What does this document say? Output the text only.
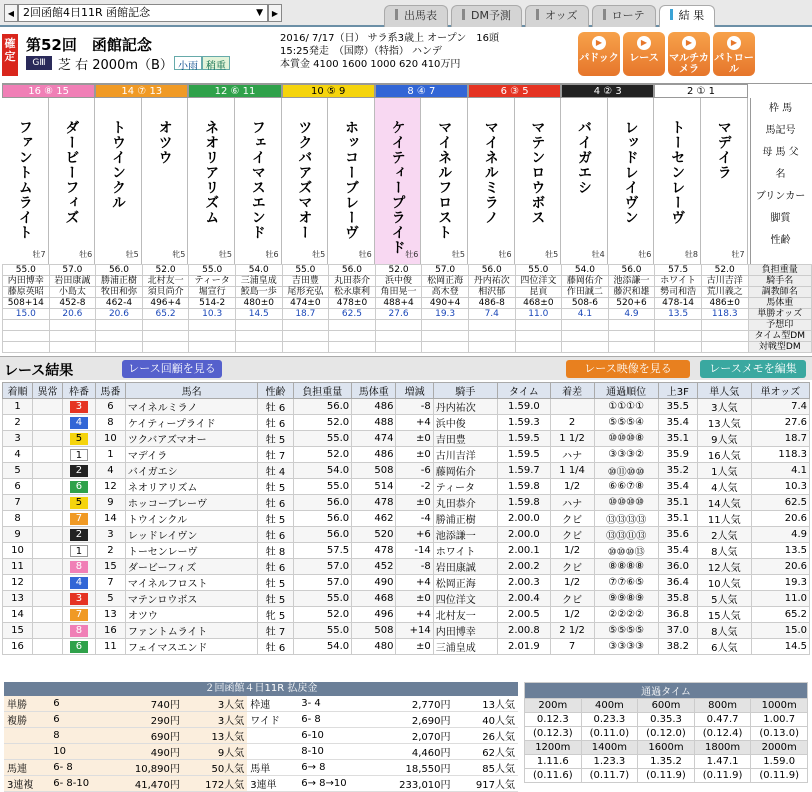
◀ 2回函館4日11R 函館記念	▼	▶	出馬表	DM予測	オッズ	ローテ	結 果
確定
第52回　函館記念
GⅢ 芝 右 2000m（B） 小雨 稍重
2016/ 7/17（日） サラ系3歳上 オープン　16頭
15:25発走　（国際）（特指） ハンデ
本賞金 4100 1600 1000 620 410万円
▶
パドック
▶
レース
▶
マルチカメラ
▶
パトロール
16 ⑧ 15	14 ⑦ 13	12 ⑥ 11	10 ⑤ 9	8 ④ 7	6 ③ 5	4 ② 3	2 ① 1
ファントムライト
牡7
ダービーフィズ
牡6
トウインクル
牡5
オツウ
牝5
ネオリアリズム
牡5
フェイマスエンド
牡6
ツクバアズマオー
牡5
ホッコーブレーヴ
牡6 ケイティープライド 牡6
マイネルフロスト
牡5
マイネルミラノ
牡6
マテンロウボス
牡5
バイガエシ
牡4
レッドレイヴン
牡6
トーセンレーヴ
牡8
マデイラ
牡7
枠 馬
馬記号
母 馬 父
名
ブリンカー
脚質
性齢
55.0	57.0	56.0	52.0	55.0	54.0	55.0	56.0	52.0	57.0	56.0	55.0	54.0	56.0	57.5	52.0	負担重量
内田博幸	岩田康誠	勝浦正樹	北村友一	ティータ	三浦皇成	吉田豊	丸田恭介	浜中俊	松岡正海	丹内祐次	四位洋文	藤岡佑介	池添謙一	ホワイト	古川吉洋	騎手名
藤原英昭	小島太	牧田和弥	須貝尚介	堀宣行	鮫島一歩	尾形充弘	松永康利	角田晃一	高木登	相沢郁	昆貢	作田誠二	藤沢和雄	勢司和浩	荒川義之	調教師名
508+14	452-8	462-4	496+4	514-2	480±0	474±0	478±0	488+4	490+4	486-8	468±0	508-6	520+6	478-14	486±0	馬体重
15.0	20.6	20.6	65.2	10.3	14.5	18.7	62.5	27.6	19.3	7.4	11.0	4.1	4.9	13.5	118.3	単勝オッズ
																予想印
																タイム型DM
																対戦型DM
レース結果	レース回顧を見る	レース映像を見る	レースメモを編集
着順	異常	枠番	馬番	馬名	性齢	負担重量	馬体重	増減	騎手	タイム	着差	通過順位	上3F	単人気	単オッズ
1		3	6	マイネルミラノ	牡 6	56.0	486	-8	丹内祐次	1.59.0		①①①①	35.5	3人気	7.4
2		4	8	ケイティープライド	牡 6	52.0	488	+4	浜中俊	1.59.3	2	⑤⑤⑤④	35.4	13人気	27.6
3		5	10	ツクバアズマオー	牡 5	55.0	474	±0	吉田豊	1.59.5	1 1/2	⑩⑩⑩⑧	35.1	9人気	18.7
4		1	1	マデイラ	牡 7	52.0	486	±0	古川吉洋	1.59.5	ハナ	③③③②	35.9	16人気	118.3
5		2	4	バイガエシ	牡 4	54.0	508	-6	藤岡佑介	1.59.7	1 1/4	⑩⑪⑩⑩	35.2	1人気	4.1
6		6	12	ネオリアリズム	牡 5	55.0	514	-2	ティータ	1.59.8	1/2	⑥⑥⑦⑧	35.4	4人気	10.3
7		5	9	ホッコーブレーヴ	牡 6	56.0	478	±0	丸田恭介	1.59.8	ハナ	⑩⑩⑩⑩	35.1	14人気	62.5
8		7	14	トウインクル	牡 5	56.0	462	-4	勝浦正樹	2.00.0	クビ	⑬⑬⑬⑬	35.1	11人気	20.6
9		2	3	レッドレイヴン	牡 6	56.0	520	+6	池添謙一	2.00.0	クビ	⑬⑬⑪⑬	35.6	2人気	4.9
10		1	2	トーセンレーヴ	牡 8	57.5	478	-14	ホワイト	2.00.1	1/2	⑩⑩⑩⑬	35.4	8人気	13.5
11		8	15	ダービーフィズ	牡 6	57.0	452	-8	岩田康誠	2.00.2	クビ	⑧⑧⑧⑧	36.0	12人気	20.6
12		4	7	マイネルフロスト	牡 5	57.0	490	+4	松岡正海	2.00.3	1/2	⑦⑦⑥⑤	36.4	10人気	19.3
13		3	5	マテンロウボス	牡 5	55.0	468	±0	四位洋文	2.00.4	クビ	⑨⑨⑧⑨	35.8	5人気	11.0
14		7	13	オツウ	牝 5	52.0	496	+4	北村友一	2.00.5	1/2	②②②②	36.8	15人気	65.2
15		8	16	ファントムライト	牡 7	55.0	508	+14	内田博幸	2.00.8	2 1/2	⑤⑤⑤⑤	37.0	8人気	15.0
16		6	11	フェイマスエンド	牡 6	54.0	480	±0	三浦皇成	2.01.9	7	③③③③	38.2	6人気	14.5
２回函館４日11R 払戻金
単勝	6	740円	3人気	枠連	3- 4	2,770円	13人気
複勝	6	290円	3人気	ワイド	6- 8	2,690円	40人気
	8	690円	13人気		6-10	2,070円	26人気
	10	490円	9人気		8-10	4,460円	62人気
馬連	6- 8	10,890円	50人気	馬単	6→ 8	18,550円	85人気
3連複	6- 8-10	41,470円	172人気	3連単	6→ 8→10	233,010円	917人気
通過タイム				
200m	400m	600m	800m	1000m
0.12.3	0.23.3	0.35.3	0.47.7	1.00.7
(0.12.3)	(0.11.0)	(0.12.0)	(0.12.4)	(0.13.0)
1200m	1400m	1600m	1800m	2000m
1.11.6	1.23.3	1.35.2	1.47.1	1.59.0
(0.11.6)	(0.11.7)	(0.11.9)	(0.11.9)	(0.11.9)
